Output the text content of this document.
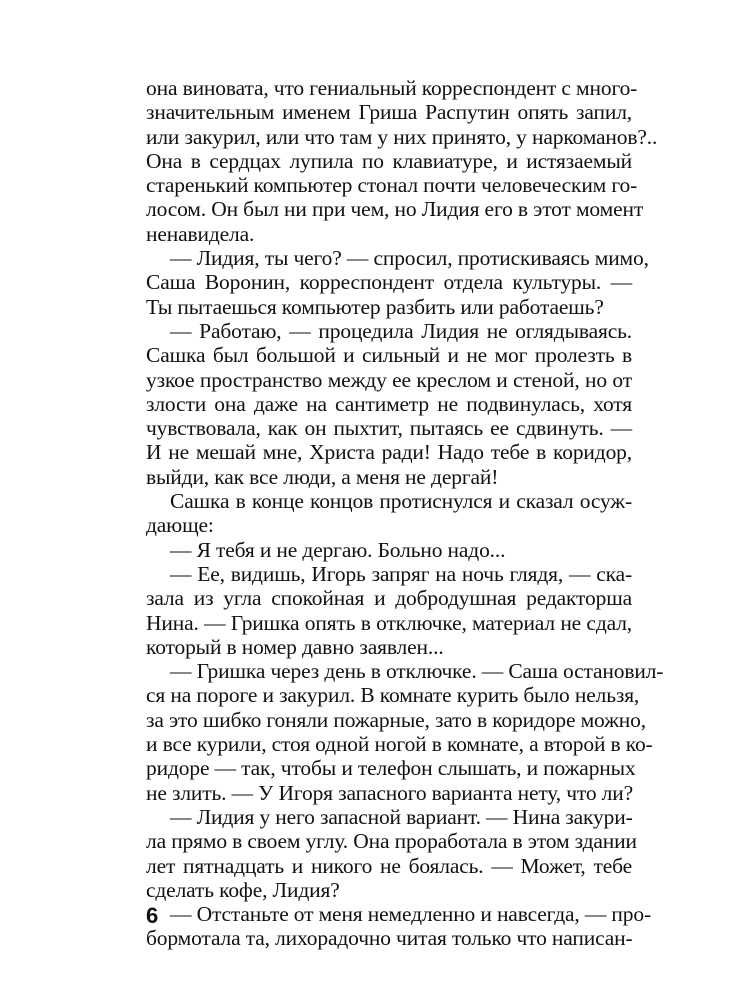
она виновата, что гениальный корреспондент с много-
значительным именем Гриша Распутин опять запил,
или закурил, или что там у них принято, у наркоманов?..
Она в сердцах лупила по клавиатуре, и истязаемый
старенький компьютер стонал почти человеческим го-
лосом. Он был ни при чем, но Лидия его в этот момент
ненавидела.
— Лидия, ты чего? — спросил, протискиваясь мимо,
Саша Воронин, корреспондент отдела культуры. —
Ты пытаешься компьютер разбить или работаешь?
— Работаю, — процедила Лидия не оглядываясь.
Сашка был большой и сильный и не мог пролезть в
узкое пространство между ее креслом и стеной, но от
злости она даже на сантиметр не подвинулась, хотя
чувствовала, как он пыхтит, пытаясь ее сдвинуть. —
И не мешай мне, Христа ради! Надо тебе в коридор,
выйди, как все люди, а меня не дергай!
Сашка в конце концов протиснулся и сказал осуж-
дающе:
— Я тебя и не дергаю. Больно надо...
— Ее, видишь, Игорь запряг на ночь глядя, — ска-
зала из угла спокойная и добродушная редакторша
Нина. — Гришка опять в отключке, материал не сдал,
который в номер давно заявлен...
— Гришка через день в отключке. — Саша остановил-
ся на пороге и закурил. В комнате курить было нельзя,
за это шибко гоняли пожарные, зато в коридоре можно,
и все курили, стоя одной ногой в комнате, а второй в ко-
ридоре — так, чтобы и телефон слышать, и пожарных
не злить. — У Игоря запасного варианта нету, что ли?
— Лидия у него запасной вариант. — Нина закури-
ла прямо в своем углу. Она проработала в этом здании
лет пятнадцать и никого не боялась. — Может, тебе
сделать кофе, Лидия?
— Отстаньте от меня немедленно и навсегда, — про-
бормотала та, лихорадочно читая только что написан-
6
